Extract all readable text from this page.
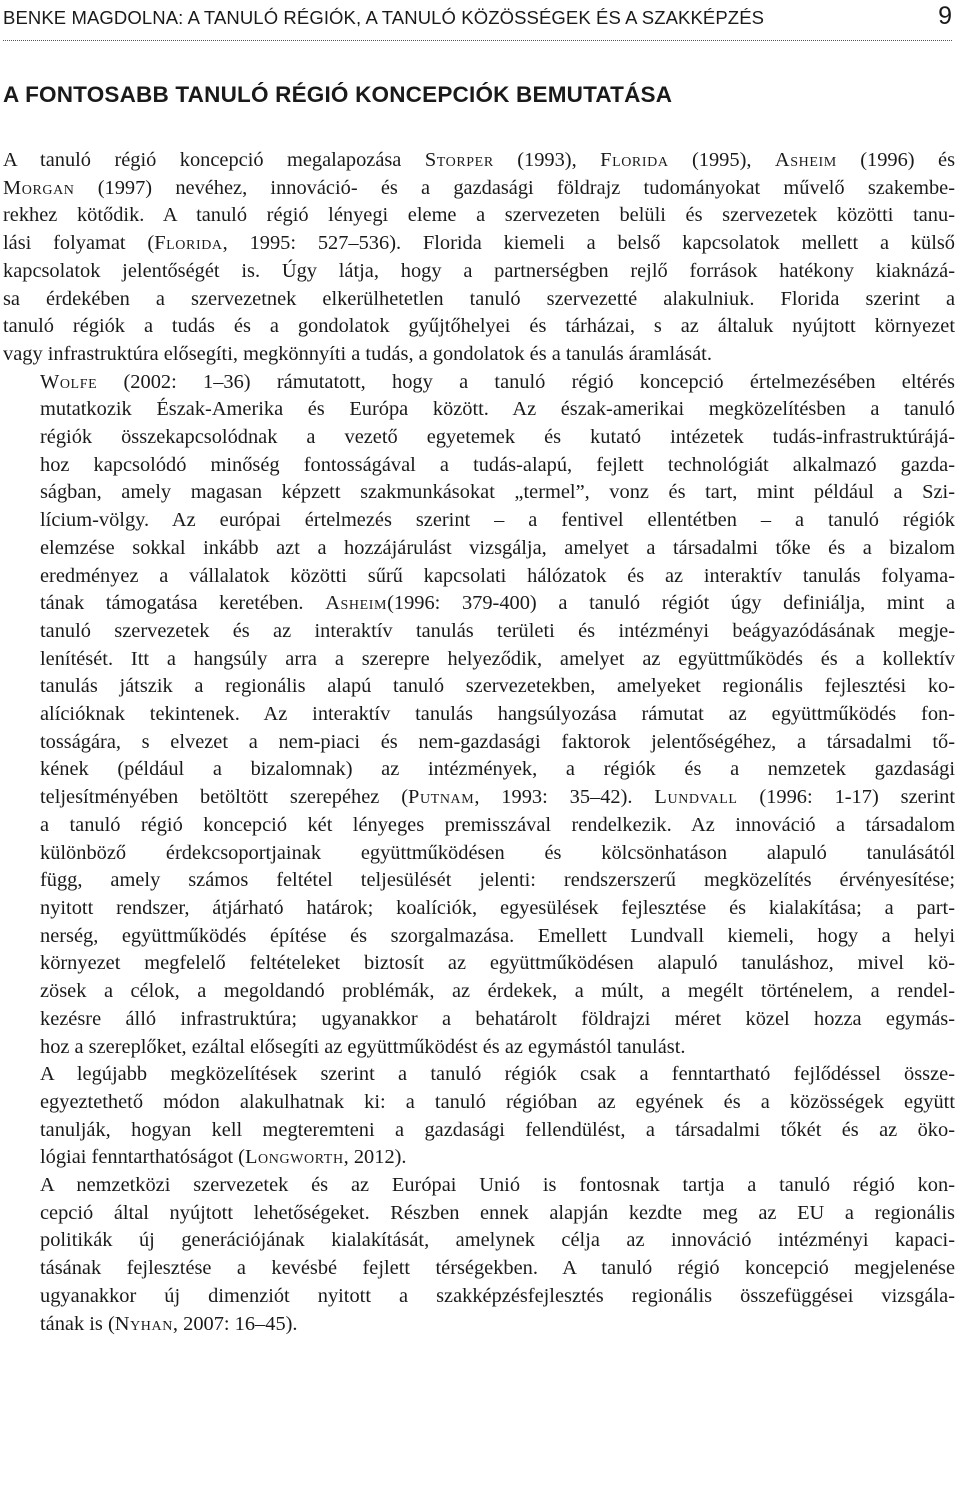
BENKE MAGDOLNA: A TANULÓ RÉGIÓK, A TANULÓ KÖZÖSSÉGEK ÉS A SZAKKÉPZÉS	9
A FONTOSABB TANULÓ RÉGIÓ KONCEPCIÓK BEMUTATÁSA

A tanuló régió koncepció megalapozása Storper (1993), Florida (1995), Asheim (1996) és
Morgan (1997) nevéhez, innováció- és a gazdasági földrajz tudományokat művelő szakembe-
rekhez kötődik. A tanuló régió lényegi eleme a szervezeten belüli és szervezetek közötti tanu-
lási folyamat (Florida, 1995: 527–536). Florida kiemeli a belső kapcsolatok mellett a külső
kapcsolatok jelentőségét is. Úgy látja, hogy a partnerségben rejlő források hatékony kiaknázá-
sa érdekében a szervezetnek elkerülhetetlen tanuló szervezetté alakulniuk. Florida szerint a
tanuló régiók a tudás és a gondolatok gyűjtőhelyei és tárházai, s az általuk nyújtott környezet
vagy infrastruktúra elősegíti, megkönnyíti a tudás, a gondolatok és a tanulás áramlását.

Wolfe (2002: 1–36) rámutatott, hogy a tanuló régió koncepció értelmezésében eltérés
mutatkozik Észak-Amerika és Európa között. Az észak-amerikai megközelítésben a tanuló
régiók összekapcsolódnak a vezető egyetemek és kutató intézetek tudás-infrastruktúrájá-
hoz kapcsolódó minőség fontosságával a tudás-alapú, fejlett technológiát alkalmazó gazda-
ságban, amely magasan képzett szakmunkásokat „termel”, vonz és tart, mint például a Szi-
lícium-völgy. Az európai értelmezés szerint – a fentivel ellentétben – a tanuló régiók
elemzése sokkal inkább azt a hozzájárulást vizsgálja, amelyet a társadalmi tőke és a bizalom
eredményez a vállalatok közötti sűrű kapcsolati hálózatok és az interaktív tanulás folyama-
tának támogatása keretében. Asheim(1996: 379-400) a tanuló régiót úgy definiálja, mint a
tanuló szervezetek és az interaktív tanulás területi és intézményi beágyazódásának megje-
lenítését. Itt a hangsúly arra a szerepre helyeződik, amelyet az együttműködés és a kollektív
tanulás játszik a regionális alapú tanuló szervezetekben, amelyeket regionális fejlesztési ko-
alícióknak tekintenek. Az interaktív tanulás hangsúlyozása rámutat az együttműködés fon-
tosságára, s elvezet a nem-piaci és nem-gazdasági faktorok jelentőségéhez, a társadalmi tő-
kének (például a bizalomnak) az intézmények, a régiók és a nemzetek gazdasági
teljesítményében betöltött szerepéhez (Putnam, 1993: 35–42). Lundvall (1996: 1-17) szerint
a tanuló régió koncepció két lényeges premisszával rendelkezik. Az innováció a társadalom
különböző érdekcsoportjainak együttműködésen és kölcsönhatáson alapuló tanulásától
függ, amely számos feltétel teljesülését jelenti: rendszerszerű megközelítés érvényesítése;
nyitott rendszer, átjárható határok; koalíciók, egyesülések fejlesztése és kialakítása; a part-
nerség, együttműködés építése és szorgalmazása. Emellett Lundvall kiemeli, hogy a helyi
környezet megfelelő feltételeket biztosít az együttműködésen alapuló tanuláshoz, mivel kö-
zösek a célok, a megoldandó problémák, az érdekek, a múlt, a megélt történelem, a rendel-
kezésre álló infrastruktúra; ugyanakkor a behatárolt földrajzi méret közel hozza egymás-
hoz a szereplőket, ezáltal elősegíti az együttműködést és az egymástól tanulást.

A legújabb megközelítések szerint a tanuló régiók csak a fenntartható fejlődéssel össze-
egyeztethető módon alakulhatnak ki: a tanuló régióban az egyének és a közösségek együtt
tanulják, hogyan kell megteremteni a gazdasági fellendülést, a társadalmi tőkét és az öko-
lógiai fenntarthatóságot (Longworth, 2012).

A nemzetközi szervezetek és az Európai Unió is fontosnak tartja a tanuló régió kon-
cepció által nyújtott lehetőségeket. Részben ennek alapján kezdte meg az EU a regionális
politikák új generációjának kialakítását, amelynek célja az innováció intézményi kapaci-
tásának fejlesztése a kevésbé fejlett térségekben. A tanuló régió koncepció megjelenése
ugyanakkor új dimenziót nyitott a szakképzésfejlesztés regionális összefüggései vizsgála-
tának is (Nyhan, 2007: 16–45).
